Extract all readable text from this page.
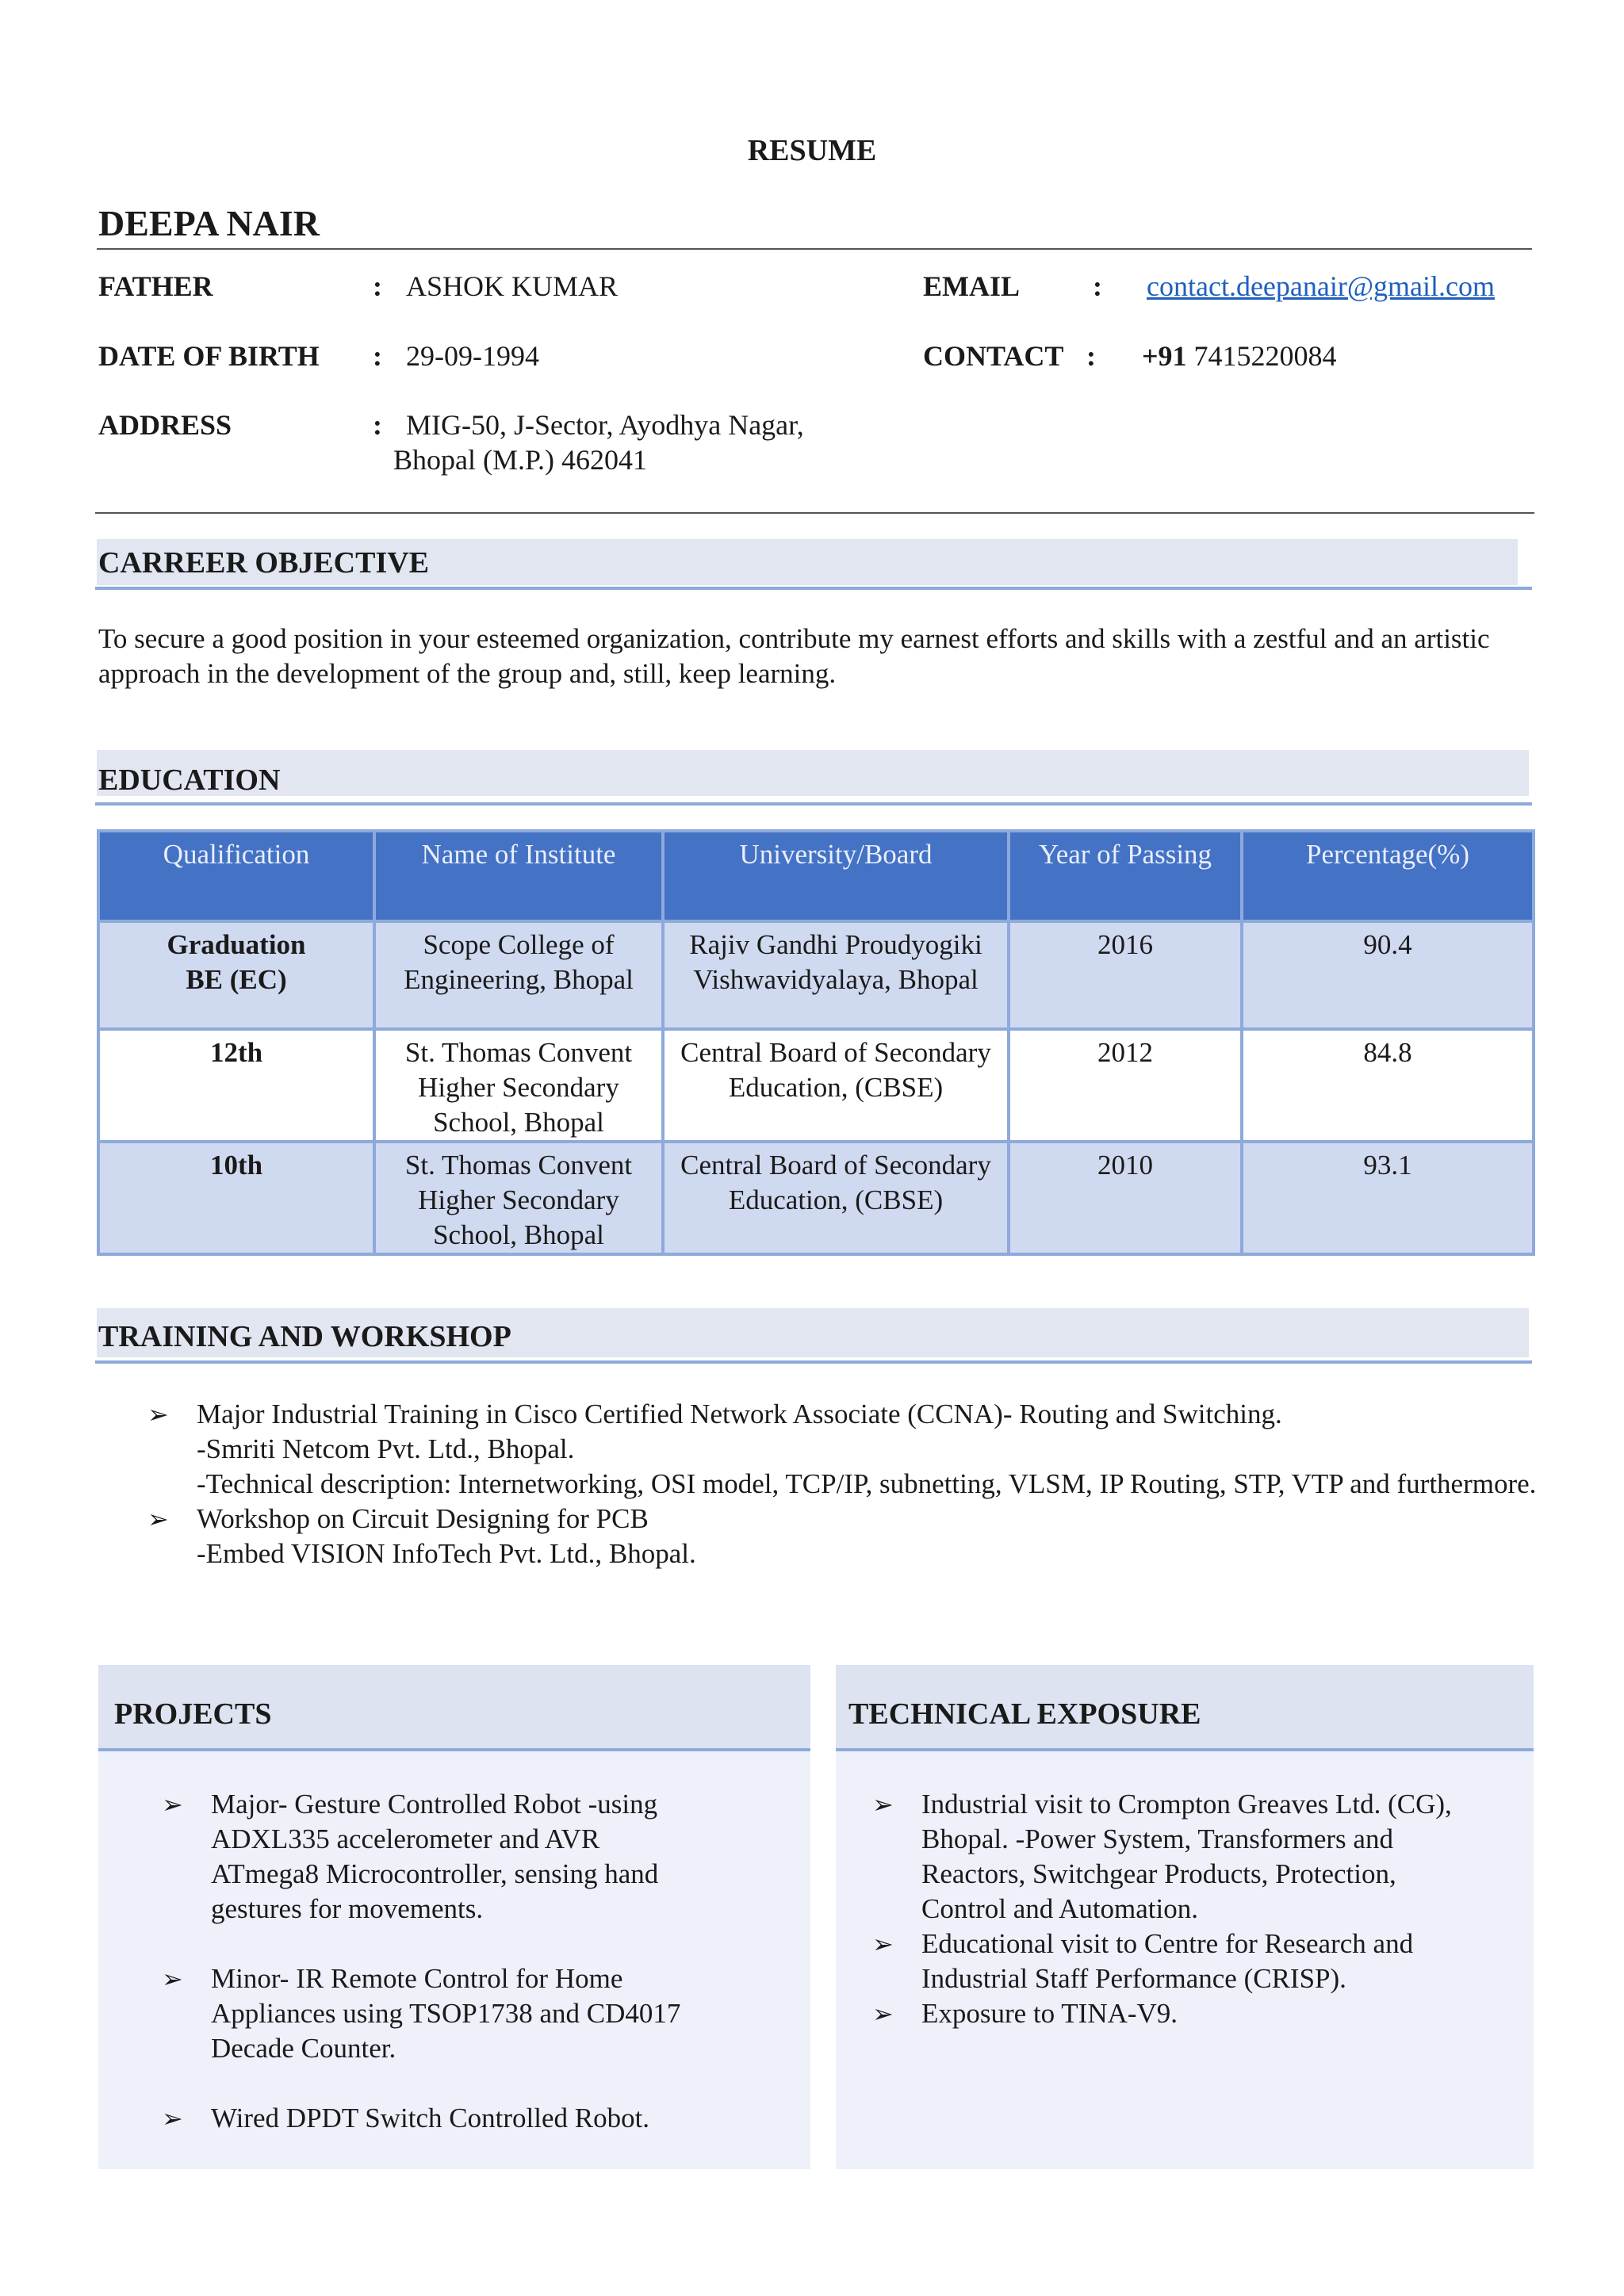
RESUME
DEEPA NAIR
FATHER	: ASHOK KUMAR
DATE OF BIRTH : 29-09-1994
ADDRESS	: MIG-50, J-Sector, Ayodhya Nagar,
Bhopal (M.P.) 462041
EMAIL	: contact.deepanair@gmail.com
CONTACT : +91 7415220084
CARREER OBJECTIVE
To secure a good position in your esteemed organization, contribute my earnest efforts and skills with a zestful and an artistic approach in the development of the group and, still, keep learning.
EDUCATION
Qualification	Name of Institute	University/Board	Year of Passing	Percentage(%)

Graduation
BE (EC)	Scope College of Engineering, Bhopal	Rajiv Gandhi Proudyogiki Vishwavidyalaya, Bhopal	2016	90.4
12th	St. Thomas Convent Higher Secondary School, Bhopal	Central Board of Secondary Education, (CBSE)	2012	84.8
10th	St. Thomas Convent Higher Secondary School, Bhopal	Central Board of Secondary Education, (CBSE)	2010	93.1
TRAINING AND WORKSHOP
➢ Major Industrial Training in Cisco Certified Network Associate (CCNA)- Routing and Switching.
-Smriti Netcom Pvt. Ltd., Bhopal.
-Technical description: Internetworking, OSI model, TCP/IP, subnetting, VLSM, IP Routing, STP, VTP and furthermore.
➢ Workshop on Circuit Designing for PCB
-Embed VISION InfoTech Pvt. Ltd., Bhopal.
PROJECTS
➢ Major- Gesture Controlled Robot -using ADXL335 accelerometer and AVR ATmega8 Microcontroller, sensing hand gestures for movements.
➢ Minor- IR Remote Control for Home Appliances using TSOP1738 and CD4017 Decade Counter.
➢ Wired DPDT Switch Controlled Robot.
TECHNICAL EXPOSURE
➢ Industrial visit to Crompton Greaves Ltd. (CG), Bhopal. -Power System, Transformers and Reactors, Switchgear Products, Protection, Control and Automation.
➢ Educational visit to Centre for Research and Industrial Staff Performance (CRISP).
➢ Exposure to TINA-V9.
